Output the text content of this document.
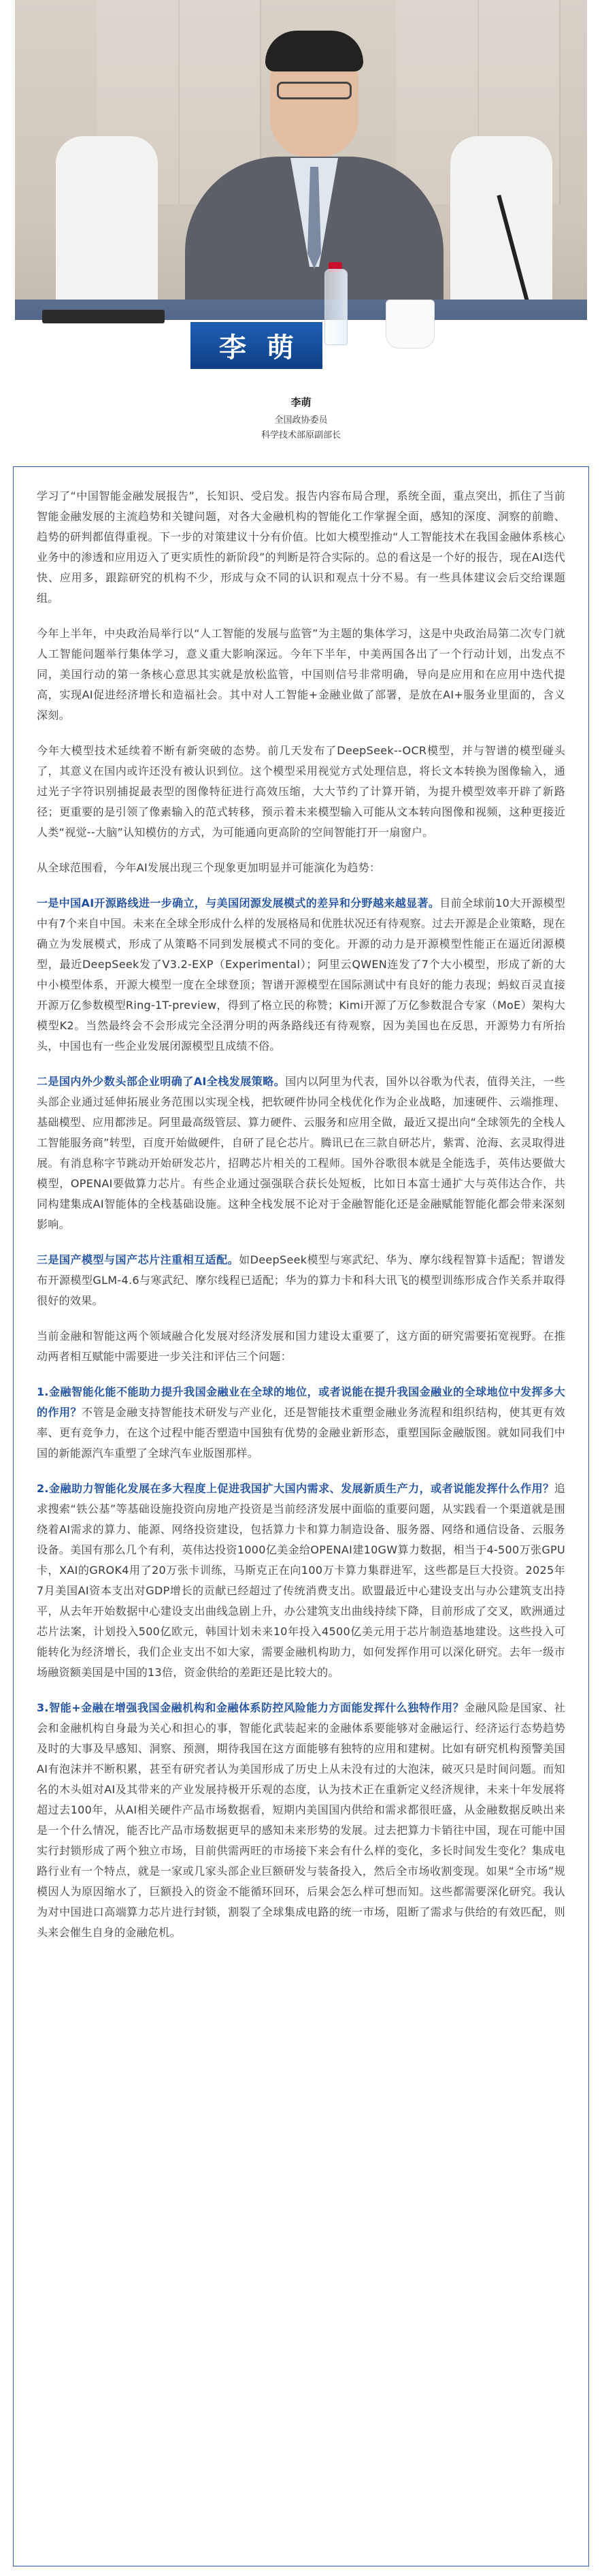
李萌
李萌
全国政协委员
科学技术部原副部长

学习了“中国智能金融发展报告”，长知识、受启发。报告内容布局合理，系统全面，重点突出，抓住了当前智能金融发展的主流趋势和关键问题，对各大金融机构的智能化工作掌握全面，感知的深度、洞察的前瞻、趋势的研判都值得重视。下一步的对策建议十分有价值。比如大模型推动“人工智能技术在我国金融体系核心业务中的渗透和应用迈入了更实质性的新阶段”的判断是符合实际的。总的看这是一个好的报告，现在AI迭代快、应用多，跟踪研究的机构不少，形成与众不同的认识和观点十分不易。有一些具体建议会后交给课题组。

今年上半年，中央政治局举行以“人工智能的发展与监管”为主题的集体学习，这是中央政治局第二次专门就人工智能问题举行集体学习，意义重大影响深远。今年下半年，中美两国各出了一个行动计划，出发点不同，美国行动的第一条核心意思其实就是放松监管，中国则信号非常明确，导向是应用和在应用中迭代提高，实现AI促进经济增长和造福社会。其中对人工智能+金融业做了部署，是放在AI+服务业里面的，含义深刻。

今年大模型技术延续着不断有新突破的态势。前几天发布了DeepSeek--OCR模型，并与智谱的模型碰头了，其意义在国内或许还没有被认识到位。这个模型采用视觉方式处理信息，将长文本转换为图像输入，通过光子字符识别捕捉最表型的图像特征进行高效压缩，大大节约了计算开销，为提升模型效率开辟了新路径；更重要的是引领了像素输入的范式转移，预示着未来模型输入可能从文本转向图像和视频，这种更接近人类“视觉--大脑”认知模仿的方式，为可能通向更高阶的空间智能打开一扇窗户。

从全球范围看，今年AI发展出现三个现象更加明显并可能演化为趋势：

一是中国AI开源路线进一步确立，与美国闭源发展模式的差异和分野越来越显著。目前全球前10大开源模型中有7个来自中国。未来在全球全形成什么样的发展格局和优胜状况还有待观察。过去开源是企业策略，现在确立为发展模式，形成了从策略不同到发展模式不同的变化。开源的动力是开源模型性能正在逼近闭源模型，最近DeepSeek发了V3.2-EXP（Experimental）；阿里云QWEN连发了7个大小模型，形成了新的大中小模型体系，开源大模型一度在全球登顶；智谱开源模型在国际测试中有良好的能力表现；蚂蚁百灵直接开源万亿参数模型Ring-1T-preview，得到了格立民的称赞；Kimi开源了万亿参数混合专家（MoE）架构大模型K2。当然最终会不会形成完全泾渭分明的两条路线还有待观察，因为美国也在反思，开源势力有所抬头，中国也有一些企业发展闭源模型且成绩不俗。

二是国内外少数头部企业明确了AI全栈发展策略。国内以阿里为代表，国外以谷歌为代表，值得关注，一些头部企业通过延伸拓展业务范围以实现全栈，把软硬件协同全栈优化作为企业战略，加速硬件、云端推理、基础模型、应用都涉足。阿里最高级管层、算力硬件、云服务和应用全做，最近又提出向“全球领先的全栈人工智能服务商”转型，百度开始做硬件，自研了昆仑芯片。腾讯已在三款自研芯片，紫霄、沧海、玄灵取得进展。有消息称字节跳动开始研发芯片，招聘芯片相关的工程师。国外谷歌很本就是全能选手，英伟达要做大模型，OPENAI要做算力芯片。有些企业通过强强联合获长处短板，比如日本富士通扩大与英伟达合作，共同构建集成AI智能体的全栈基础设施。这种全栈发展不论对于金融智能化还是金融赋能智能化都会带来深刻影响。

三是国产模型与国产芯片注重相互适配。如DeepSeek模型与寒武纪、华为、摩尔线程智算卡适配；智谱发布开源模型GLM-4.6与寒武纪、摩尔线程已适配；华为的算力卡和科大讯飞的模型训练形成合作关系并取得很好的效果。

当前金融和智能这两个领域融合化发展对经济发展和国力建设太重要了，这方面的研究需要拓宽视野。在推动两者相互赋能中需要进一步关注和评估三个问题：

1.金融智能化能不能助力提升我国金融业在全球的地位，或者说能在提升我国金融业的全球地位中发挥多大的作用？不管是金融支持智能技术研发与产业化，还是智能技术重塑金融业务流程和组织结构，使其更有效率、更有竞争力，在这个过程中能否塑造中国独有优势的金融业新形态，重塑国际金融版图。就如同我们中国的新能源汽车重塑了全球汽车业版图那样。

2.金融助力智能化发展在多大程度上促进我国扩大国内需求、发展新质生产力，或者说能发挥什么作用？追求搜索“铁公基”等基础设施投资向房地产投资是当前经济发展中面临的重要问题，从实践看一个渠道就是围绕着AI需求的算力、能源、网络投资建设，包括算力卡和算力制造设备、服务器、网络和通信设备、云服务设备。美国有那么几个有利，英伟达投资1000亿美金给OPENAI建10GW算力数据，相当于4-500万张GPU卡，XAI的GROK4用了20万张卡训练，马斯克正在向100万卡算力集群进军，这些都是巨大投资。2025年7月美国AI资本支出对GDP增长的贡献已经超过了传统消费支出。欧盟最近中心建设支出与办公建筑支出持平，从去年开始数据中心建设支出曲线急剧上升，办公建筑支出曲线持续下降，目前形成了交叉，欧洲通过芯片法案，计划投入500亿欧元，韩国计划未来10年投入4500亿美元用于芯片制造基地建设。这些投入可能转化为经济增长，我们企业支出不如大家，需要金融机构助力，如何发挥作用可以深化研究。去年一级市场融资额美国是中国的13倍，资金供给的差距还是比较大的。

3.智能+金融在增强我国金融机构和金融体系防控风险能力方面能发挥什么独特作用？金融风险是国家、社会和金融机构自身最为关心和担心的事，智能化武装起来的金融体系要能够对金融运行、经济运行态势趋势及时的大事及早感知、洞察、预测，期待我国在这方面能够有独特的应用和建树。比如有研究机构预警美国AI有泡沫并不断积累，甚至有研究者认为美国形成了历史上从未没有过的大泡沫，破灭只是时间问题。而知名的木头姐对AI及其带来的产业发展持极开乐观的态度，认为技术正在重新定义经济规律，未来十年发展将超过去100年，从AI相关硬件产品市场数据看，短期内美国国内供给和需求都很旺盛，从金融数据反映出来是一个什么情况，能否比产品市场数据更早的感知未来形势的发展。过去把算力卡销往中国，现在可能中国实行封锁形成了两个独立市场，目前供需两旺的市场接下来会有什么样的变化，多长时间发生变化？集成电路行业有一个特点，就是一家或几家头部企业巨额研发与装备投入，然后全市场收割变现。如果“全市场”规模因人为原因缩水了，巨额投入的资金不能循环回环，后果会怎么样可想而知。这些都需要深化研究。我认为对中国进口高端算力芯片进行封锁，割裂了全球集成电路的统一市场，阻断了需求与供给的有效匹配，则头来会催生自身的金融危机。
